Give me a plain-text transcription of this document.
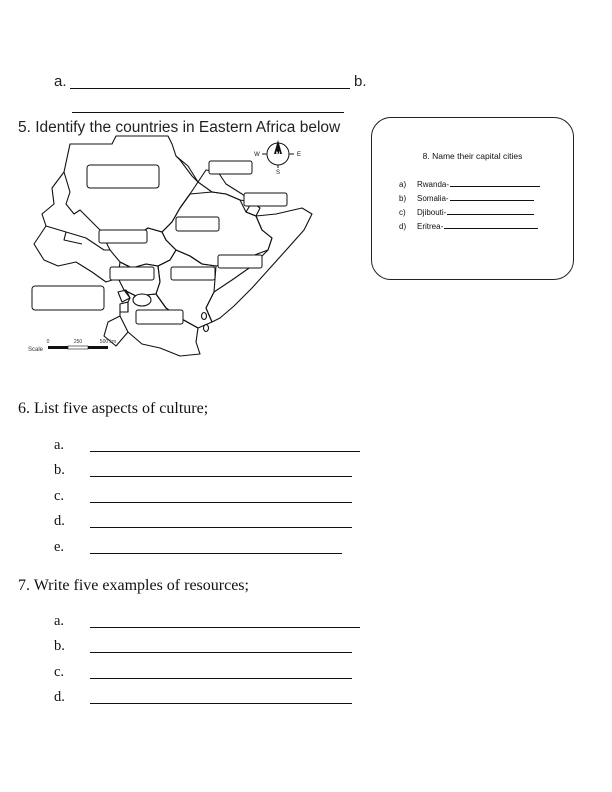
a.	b.
5. Identify the countries in Eastern Africa below
N
W	E
S
Scale
0	250	500 km
8. Name their capital cities
a) Rwanda-
b) Somalia-
c) Djibouti-
d) Eritrea-
6. List five aspects of culture;
a.
b.
c.
d.
e.
7. Write five examples of resources;
a.
b.
c.
d.
